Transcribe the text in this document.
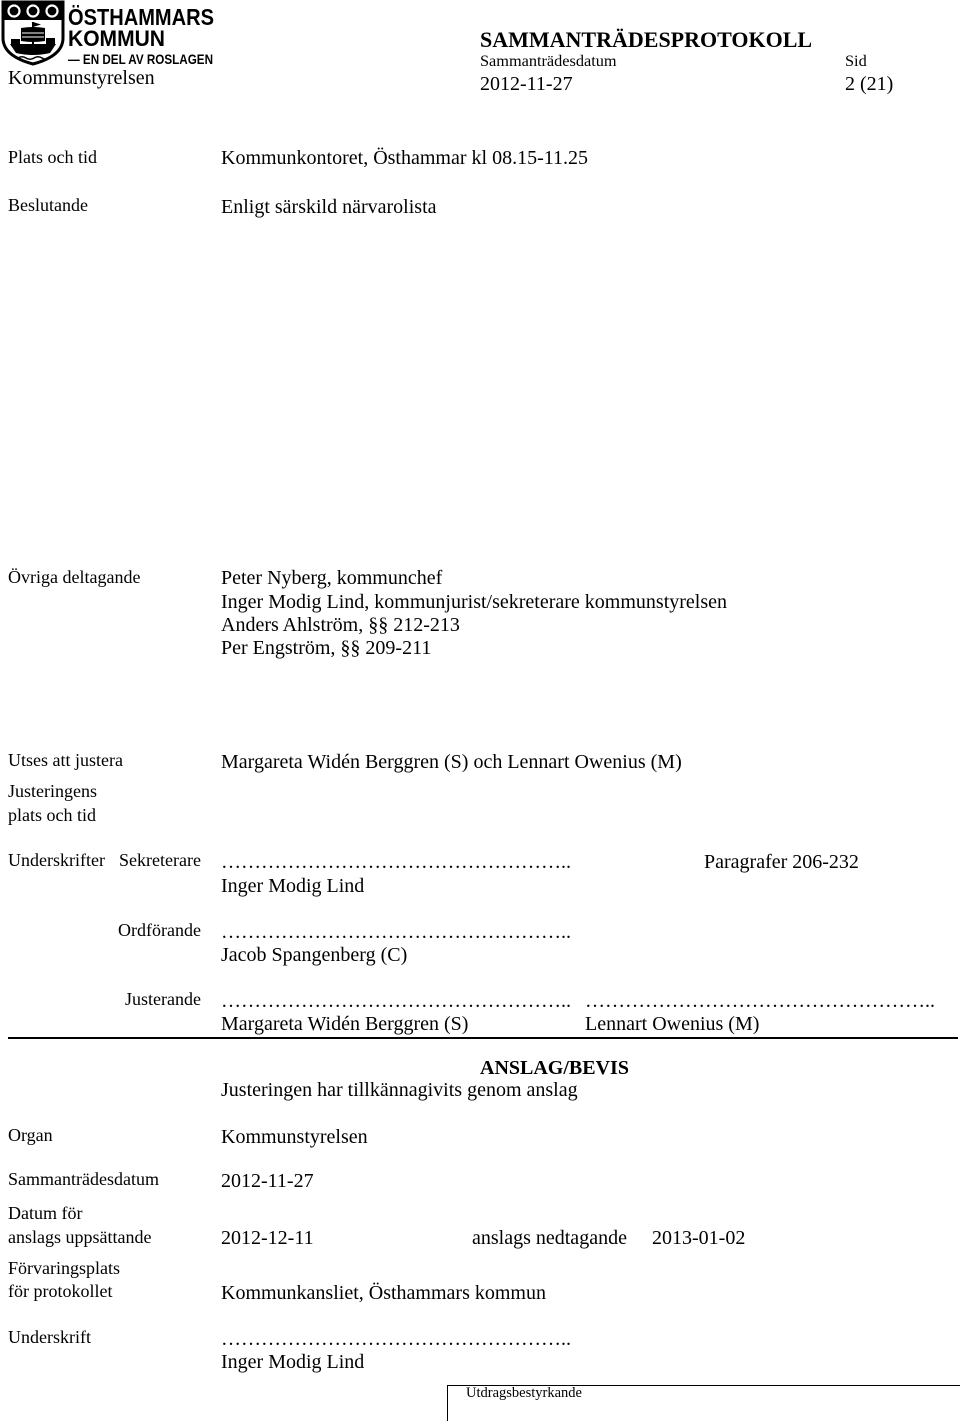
ÖSTHAMMARS
KOMMUN
— EN DEL AV ROSLAGEN
Kommunstyrelsen
SAMMANTRÄDESPROTOKOLL
Sammanträdesdatum	Sid
2012-11-27	2 (21)
Plats och tid	Kommunkontoret, Östhammar kl 08.15-11.25
Beslutande	Enligt särskild närvarolista
Övriga deltagande	Peter Nyberg, kommunchef
Inger Modig Lind, kommunjurist/sekreterare kommunstyrelsen
Anders Ahlström, §§ 212-213
Per Engström, §§ 209-211
Utses att justera	Margareta Widén Berggren (S) och Lennart Owenius (M)
Justeringens
plats och tid
Underskrifter Sekreterare ……………………………………………..	Paragrafer 206-232
Inger Modig Lind
Ordförande ……………………………………………..
Jacob Spangenberg (C)
Justerande …………………………………………….. ……………………………………………..
Margareta Widén Berggren (S)	Lennart Owenius (M)
ANSLAG/BEVIS
Justeringen har tillkännagivits genom anslag
Organ	Kommunstyrelsen
Sammanträdesdatum	2012-11-27
Datum för
anslags uppsättande	2012-12-11	anslags nedtagande 2013-01-02
Förvaringsplats
för protokollet	Kommunkansliet, Östhammars kommun
Underskrift	……………………………………………..
Inger Modig Lind
Utdragsbestyrkande
